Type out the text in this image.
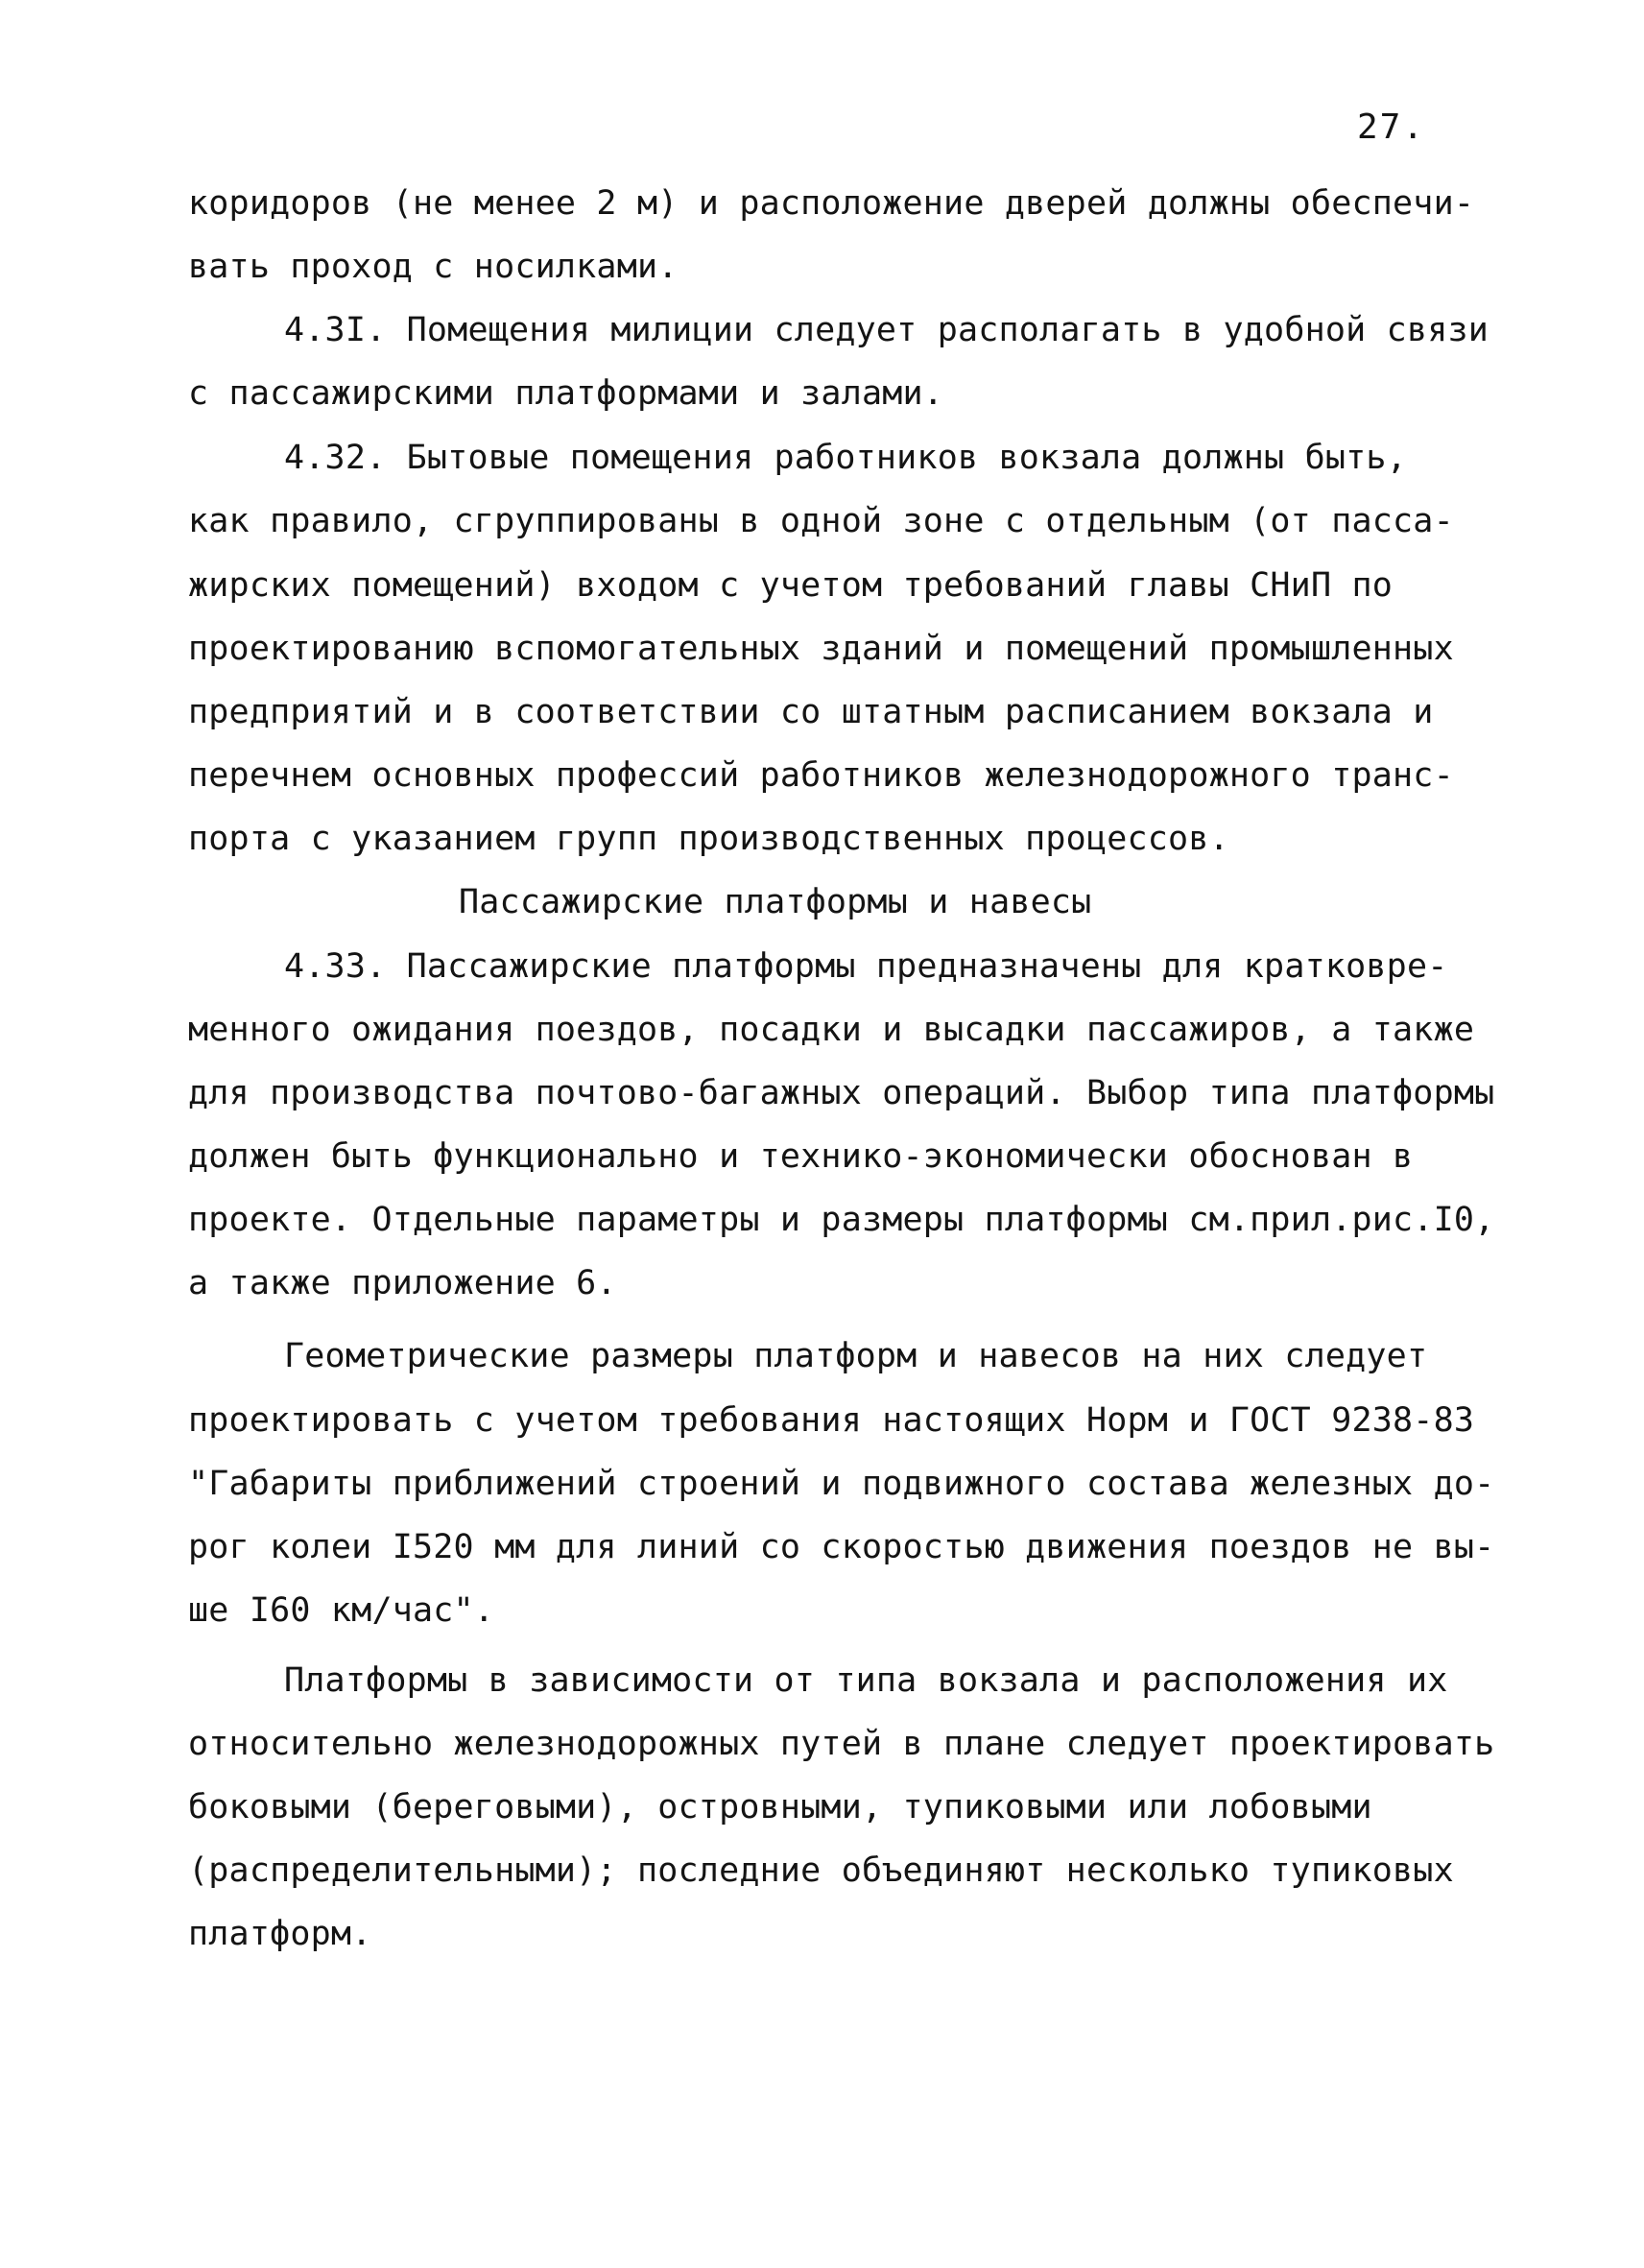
27.
коридоров (не менее 2 м) и расположение дверей должны обеспечи-
вать проход с носилками.
4.3I. Помещения милиции следует располагать в удобной связи
с пассажирскими платформами и залами.
4.32. Бытовые помещения работников вокзала должны быть,
как правило, сгруппированы в одной зоне с отдельным (от пасса-
жирских помещений) входом с учетом требований главы СНиП по
проектированию вспомогательных зданий и помещений промышленных
предприятий и в соответствии со штатным расписанием вокзала и
перечнем основных профессий работников железнодорожного транс-
порта с указанием групп производственных процессов.
Пассажирские платформы и навесы
4.33. Пассажирские платформы предназначены для кратковре-
менного ожидания поездов, посадки и высадки пассажиров, а также
для производства почтово-багажных операций. Выбор типа платформы
должен быть функционально и технико-экономически обоснован в
проекте. Отдельные параметры и размеры платформы см.прил.рис.I0,
а также приложение 6.
Геометрические размеры платформ и навесов на них следует
проектировать с учетом требования настоящих Норм и ГОСТ 9238-83
"Габариты приближений строений и подвижного состава железных до-
рог колеи I520 мм для линий со скоростью движения поездов не вы-
ше I60 км/час".
Платформы в зависимости от типа вокзала и расположения их
относительно железнодорожных путей в плане следует проектировать
боковыми (береговыми), островными, тупиковыми или лобовыми
(распределительными); последние объединяют несколько тупиковых
платформ.
